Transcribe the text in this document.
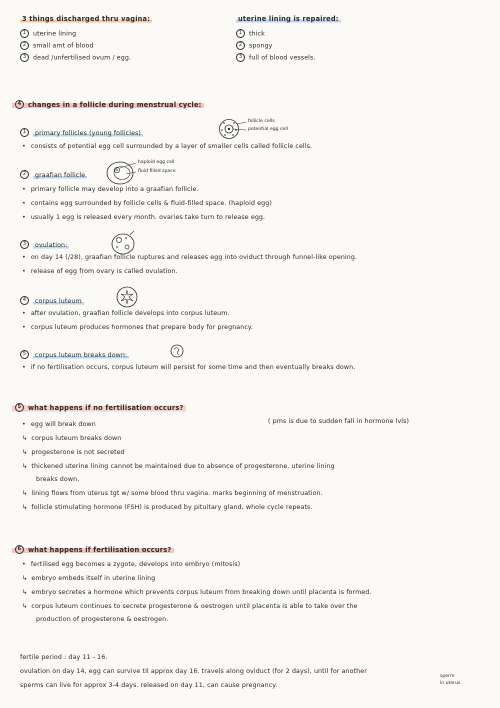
3 things discharged thru vagina:
1 uterine lining
2 small amt of blood
3 dead /unfertilised ovum / egg.
uterine lining is repaired:
1 thick
2 spongy
3 full of blood vessels.
4 changes in a follicle during menstrual cycle:
1 primary follicles (young follicles)
follicle cells
potential egg cell
• consists of potential egg cell surrounded by a layer of smaller cells called follicle cells.
2 graafian follicle
haploid egg cell
fluid filled space
• primary follicle may develop into a graafian follicle.
• contains egg surrounded by follicle cells & fluid-filled space. (haploid egg)
• usually 1 egg is released every month. ovaries take turn to release egg.
3 ovulation:
• on day 14 (/28), graafian follicle ruptures and releases egg into oviduct through funnel-like opening.
• release of egg from ovary is called ovulation.
4 corpus luteum
• after ovulation, graafian follicle develops into corpus luteum.
• corpus luteum produces hormones that prepare body for pregnancy.
5 corpus luteum breaks down:
• if no fertilisation occurs, corpus luteum will persist for some time and then eventually breaks down.
5 what happens if no fertilisation occurs?
( pms is due to sudden fall in hormone lvls)
• egg will break down
↳ corpus luteum breaks down
↳ progesterone is not secreted
↳ thickened uterine lining cannot be maintained due to absence of progesterone. uterine lining
breaks down.
↳ lining flows from uterus tgt w/ some blood thru vagina. marks beginning of menstruation.
↳ follicle stimulating hormone (FSH) is produced by pituitary gland, whole cycle repeats.
6 what happens if fertilisation occurs?
• fertilised egg becomes a zygote, develops into embryo (mitosis)
↳ embryo embeds itself in uterine lining
↳ embryo secretes a hormone which prevents corpus luteum from breaking down until placenta is formed.
↳ corpus luteum continues to secrete progesterone & oestrogen until placenta is able to take over the
production of progesterone & oestrogen.
fertile period : day 11 - 16.
ovulation on day 14, egg can survive til approx day 16. travels along oviduct (for 2 days), until for another
sperms can live for approx 3-4 days. released on day 11, can cause pregnancy.
sperm
in uterus
